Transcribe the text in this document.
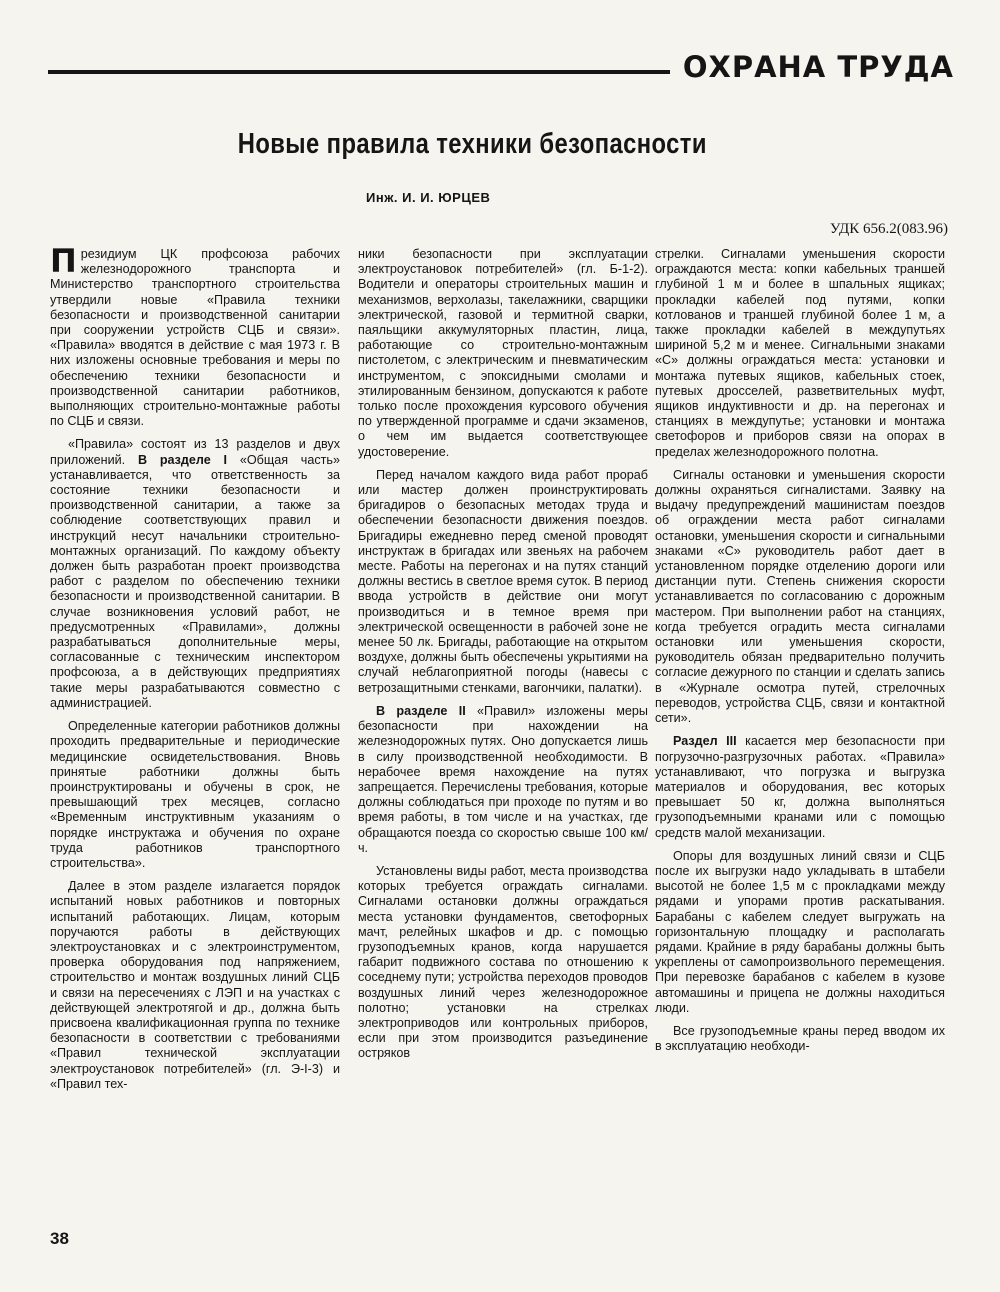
ОХРАНА ТРУДА
Новые правила техники безопасности

Инж. И. И. ЮРЦЕВ

УДК 656.2(083.96)

Президиум ЦК профсоюза рабочих железнодорожного транспорта и Министерство транспортного строительства утвердили новые «Правила техники безопасности и производственной санитарии при сооружении устройств СЦБ и связи». «Правила» вводятся в действие с мая 1973 г. В них изложены основные требования и меры по обеспечению техники безопасности и производственной санитарии работников, выполняющих строительно-монтажные работы по СЦБ и связи.

«Правила» состоят из 13 разделов и двух приложений. В разделе I «Общая часть» устанавливается, что ответственность за состояние техники безопасности и производственной санитарии, а также за соблюдение соответствующих правил и инструкций несут начальники строительно-монтажных организаций. По каждому объекту должен быть разработан проект производства работ с разделом по обеспечению техники безопасности и производственной санитарии. В случае возникновения условий работ, не предусмотренных «Правилами», должны разрабатываться дополнительные меры, согласованные с техническим инспектором профсоюза, а в действующих предприятиях такие меры разрабатываются совместно с администрацией.

Определенные категории работников должны проходить предварительные и периодические медицинские освидетельствования. Вновь принятые работники должны быть проинструктированы и обучены в срок, не превышающий трех месяцев, согласно «Временным инструктивным указаниям о порядке инструктажа и обучения по охране труда работников транспортного строительства».

Далее в этом разделе излагается порядок испытаний новых работников и повторных испытаний работающих. Лицам, которым поручаются работы в действующих электроустановках и с электроинструментом, проверка оборудования под напряжением, строительство и монтаж воздушных линий СЦБ и связи на пересечениях с ЛЭП и на участках с действующей электротягой и др., должна быть присвоена квалификационная группа по технике безопасности в соответствии с требованиями «Правил технической эксплуатации электроустановок потребителей» (гл. Э-I-3) и «Правил тех-

ники безопасности при эксплуатации электроустановок потребителей» (гл. Б-1-2). Водители и операторы строительных машин и механизмов, верхолазы, такелажники, сварщики электрической, газовой и термитной сварки, паяльщики аккумуляторных пластин, лица, работающие со строительно-монтажным пистолетом, с электрическим и пневматическим инструментом, с эпоксидными смолами и этилированным бензином, допускаются к работе только после прохождения курсового обучения по утвержденной программе и сдачи экзаменов, о чем им выдается соответствующее удостоверение.

Перед началом каждого вида работ прораб или мастер должен проинструктировать бригадиров о безопасных методах труда и обеспечении безопасности движения поездов. Бригадиры ежедневно перед сменой проводят инструктаж в бригадах или звеньях на рабочем месте. Работы на перегонах и на путях станций должны вестись в светлое время суток. В период ввода устройств в действие они могут производиться и в темное время при электрической освещенности в рабочей зоне не менее 50 лк. Бригады, работающие на открытом воздухе, должны быть обеспечены укрытиями на случай неблагоприятной погоды (навесы с ветрозащитными стенками, вагончики, палатки).

В разделе II «Правил» изложены меры безопасности при нахождении на железнодорожных путях. Оно допускается лишь в силу производственной необходимости. В нерабочее время нахождение на путях запрещается. Перечислены требования, которые должны соблюдаться при проходе по путям и во время работы, в том числе и на участках, где обращаются поезда со скоростью свыше 100 км/ч.

Установлены виды работ, места производства которых требуется ограждать сигналами. Сигналами остановки должны ограждаться места установки фундаментов, светофорных мачт, релейных шкафов и др. с помощью грузоподъемных кранов, когда нарушается габарит подвижного состава по отношению к соседнему пути; устройства переходов проводов воздушных линий через железнодорожное полотно; установки на стрелках электроприводов или контрольных приборов, если при этом производится разъединение остряков

стрелки. Сигналами уменьшения скорости ограждаются места: копки кабельных траншей глубиной 1 м и более в шпальных ящиках; прокладки кабелей под путями, копки котлованов и траншей глубиной более 1 м, а также прокладки кабелей в междупутьях шириной 5,2 м и менее. Сигнальными знаками «С» должны ограждаться места: установки и монтажа путевых ящиков, кабельных стоек, путевых дросселей, разветвительных муфт, ящиков индуктивности и др. на перегонах и станциях в междупутье; установки и монтажа светофоров и приборов связи на опорах в пределах железнодорожного полотна.

Сигналы остановки и уменьшения скорости должны охраняться сигналистами. Заявку на выдачу предупреждений машинистам поездов об ограждении места работ сигналами остановки, уменьшения скорости и сигнальными знаками «С» руководитель работ дает в установленном порядке отделению дороги или дистанции пути. Степень снижения скорости устанавливается по согласованию с дорожным мастером. При выполнении работ на станциях, когда требуется оградить места сигналами остановки или уменьшения скорости, руководитель обязан предварительно получить согласие дежурного по станции и сделать запись в «Журнале осмотра путей, стрелочных переводов, устройства СЦБ, связи и контактной сети».

Раздел III касается мер безопасности при погрузочно-разгрузочных работах. «Правила» устанавливают, что погрузка и выгрузка материалов и оборудования, вес которых превышает 50 кг, должна выполняться грузоподъемными кранами или с помощью средств малой механизации.

Опоры для воздушных линий связи и СЦБ после их выгрузки надо укладывать в штабели высотой не более 1,5 м с прокладками между рядами и упорами против раскатывания. Барабаны с кабелем следует выгружать на горизонтальную площадку и располагать рядами. Крайние в ряду барабаны должны быть укреплены от самопроизвольного перемещения. При перевозке барабанов с кабелем в кузове автомашины и прицепа не должны находиться люди.

Все грузоподъемные краны перед вводом их в эксплуатацию необходи-

38
